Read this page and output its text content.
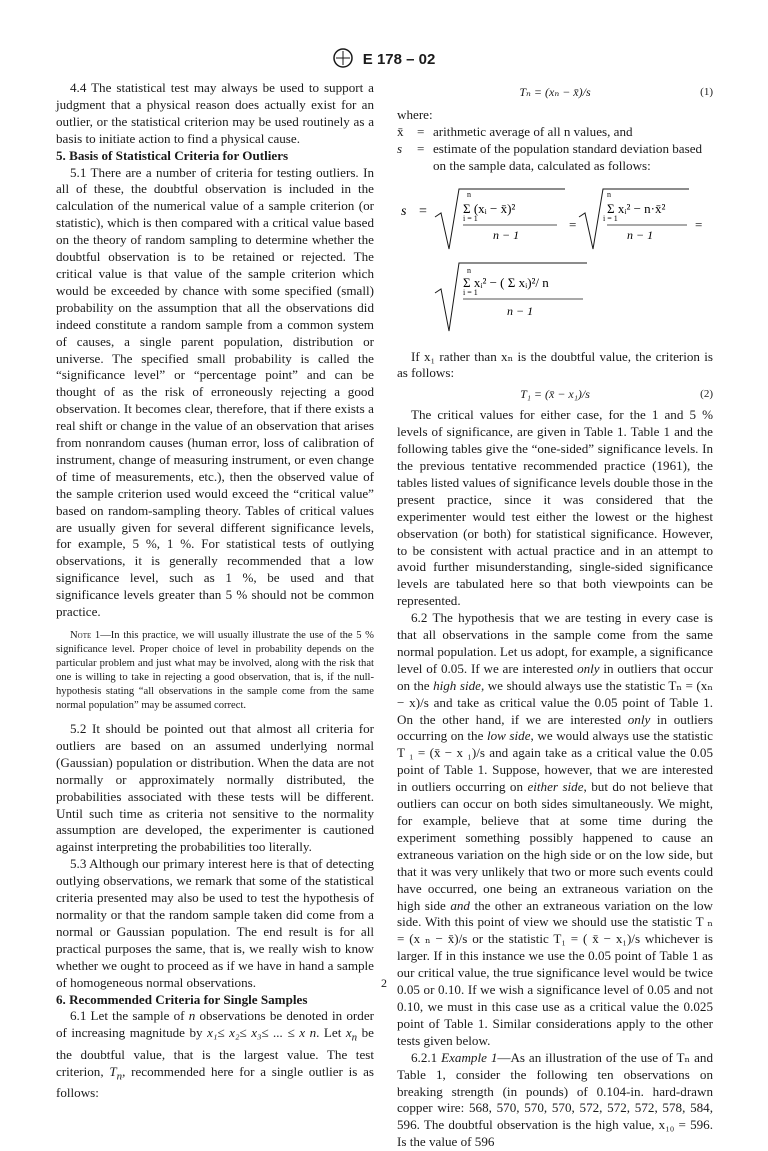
E 178 – 02

4.4 The statistical test may always be used to support a judgment that a physical reason does actually exist for an outlier, or the statistical criterion may be used routinely as a basis to initiate action to find a physical cause.

5. Basis of Statistical Criteria for Outliers

5.1 There are a number of criteria for testing outliers. In all of these, the doubtful observation is included in the calculation of the numerical value of a sample criterion (or statistic), which is then compared with a critical value based on the theory of random sampling to determine whether the doubtful observation is to be retained or rejected. The critical value is that value of the sample criterion which would be exceeded by chance with some specified (small) probability on the assumption that all the observations did indeed constitute a random sample from a common system of causes, a single parent population, distribution or universe. The specified small probability is called the “significance level” or “percentage point” and can be thought of as the risk of erroneously rejecting a good observation. It becomes clear, therefore, that if there exists a real shift or change in the value of an observation that arises from nonrandom causes (human error, loss of calibration of instrument, change of measuring instrument, or even change of time of measurements, etc.), then the observed value of the sample criterion used would exceed the “critical value” based on random-sampling theory. Tables of critical values are usually given for several different significance levels, for example, 5 %, 1 %. For statistical tests of outlying observations, it is generally recommended that a low significance level, such as 1 %, be used and that significance levels greater than 5 % should not be common practice.

Note 1—In this practice, we will usually illustrate the use of the 5 % significance level. Proper choice of level in probability depends on the particular problem and just what may be involved, along with the risk that one is willing to take in rejecting a good observation, that is, if the null-hypothesis stating “all observations in the sample come from the same normal population” may be assumed correct.

5.2 It should be pointed out that almost all criteria for outliers are based on an assumed underlying normal (Gaussian) population or distribution. When the data are not normally or approximately normally distributed, the probabilities associated with these tests will be different. Until such time as criteria not sensitive to the normality assumption are developed, the experimenter is cautioned against interpreting the probabilities too literally.

5.3 Although our primary interest here is that of detecting outlying observations, we remark that some of the statistical criteria presented may also be used to test the hypothesis of normality or that the random sample taken did come from a normal or Gaussian population. The end result is for all practical purposes the same, that is, we really wish to know whether we ought to proceed as if we have in hand a sample of homogeneous normal observations.

6. Recommended Criteria for Single Samples

6.1 Let the sample of n observations be denoted in order of increasing magnitude by x₁≤ x₂≤ x₃≤ ... ≤ x n. Let $x_n$ be the doubtful value, that is the largest value. The test criterion, $T_n$, recommended here for a single outlier is as follows:

Tₙ = (xₙ − x̄)/s	(1)
where:
x̄	= arithmetic average of all n values, and
s	= estimate of the population standard deviation based on the sample data, calculated as follows:
s =
n
i = 1
Σ (xᵢ − x̄)²
n − 1
=
n
i = 1
Σ xᵢ² − n·x̄²
n − 1
=
n
i = 1
Σ xᵢ² − ( Σ xᵢ)²/ n
n − 1

If x₁ rather than xₙ is the doubtful value, the criterion is as follows:

T₁ = (x̄ − x₁)/s	(2)

The critical values for either case, for the 1 and 5 % levels of significance, are given in Table 1. Table 1 and the following tables give the “one-sided” significance levels. In the previous tentative recommended practice (1961), the tables listed values of significance levels double those in the present practice, since it was considered that the experimenter would test either the lowest or the highest observation (or both) for statistical significance. However, to be consistent with actual practice and in an attempt to avoid further misunderstanding, single-sided significance levels are tabulated here so that both viewpoints can be represented.

6.2 The hypothesis that we are testing in every case is that all observations in the sample come from the same normal population. Let us adopt, for example, a significance level of 0.05. If we are interested only in outliers that occur on the high side, we should always use the statistic Tₙ = (xₙ − x)/s and take as critical value the 0.05 point of Table 1. On the other hand, if we are interested only in outliers occurring on the low side, we would always use the statistic T ₁ = (x̄ − x ₁)/s and again take as a critical value the 0.05 point of Table 1. Suppose, however, that we are interested in outliers occurring on either side, but do not believe that outliers can occur on both sides simultaneously. We might, for example, believe that at some time during the experiment something possibly happened to cause an extraneous variation on the high side or on the low side, but that it was very unlikely that two or more such events could have occurred, one being an extraneous variation on the high side and the other an extraneous variation on the low side. With this point of view we should use the statistic T ₙ = (x ₙ − x̄)/s or the statistic T₁ = ( x̄ − x₁)/s whichever is larger. If in this instance we use the 0.05 point of Table 1 as our critical value, the true significance level would be twice 0.05 or 0.10. If we wish a significance level of 0.05 and not 0.10, we must in this case use as a critical value the 0.025 point of Table 1. Similar considerations apply to the other tests given below.

6.2.1 Example 1—As an illustration of the use of Tₙ and Table 1, consider the following ten observations on breaking strength (in pounds) of 0.104-in. hard-drawn copper wire: 568, 570, 570, 570, 572, 572, 572, 578, 584, 596. The doubtful observation is the high value, x₁₀ = 596. Is the value of 596

2
